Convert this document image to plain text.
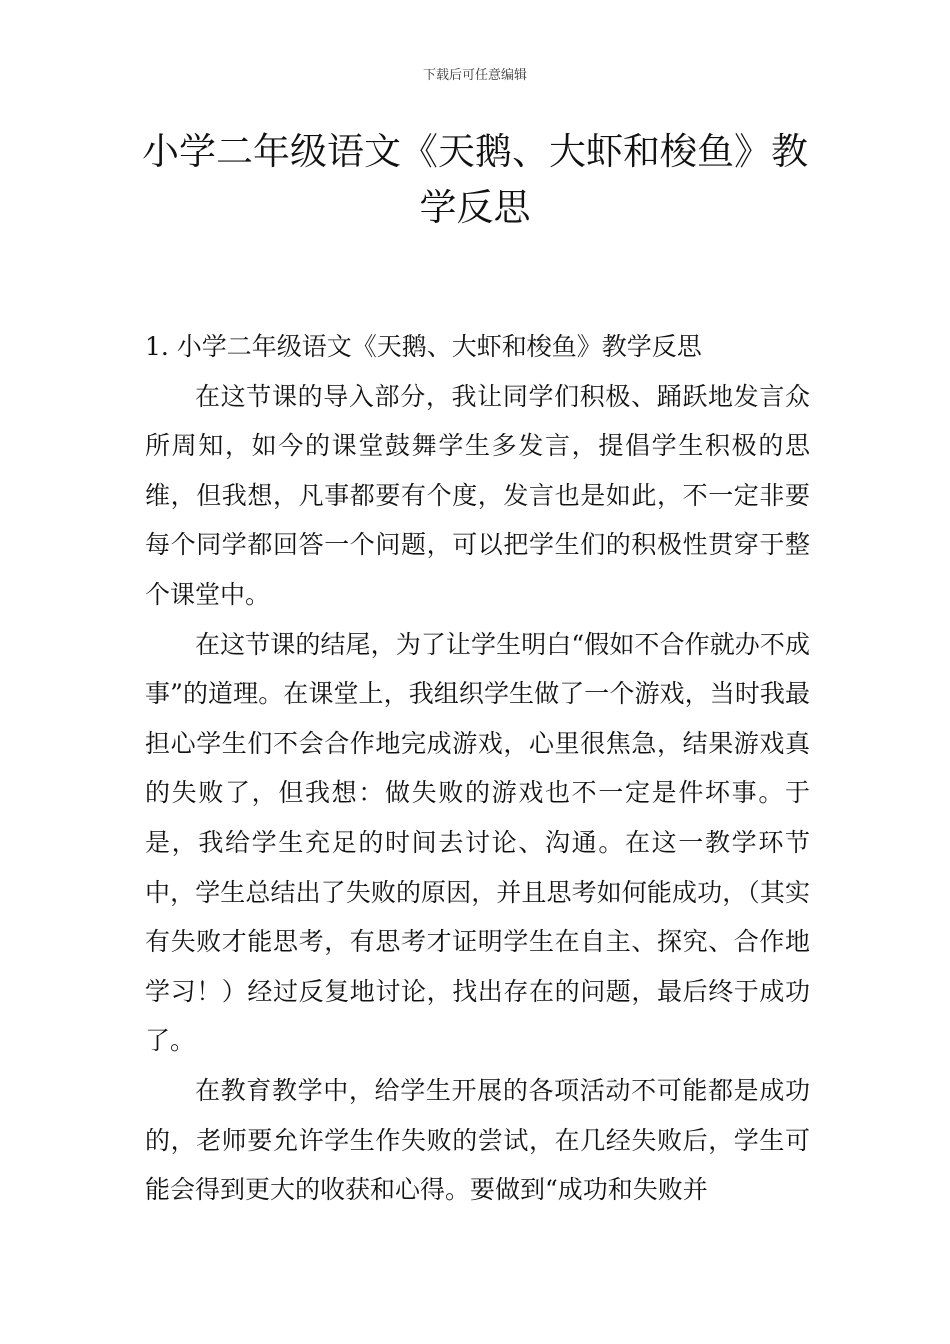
下载后可任意编辑
小学二年级语文《天鹅、大虾和梭鱼》教学反思

1. 小学二年级语文《天鹅、大虾和梭鱼》教学反思

在这节课的导入部分，我让同学们积极、踊跃地发言众所周知，如今的课堂鼓舞学生多发言，提倡学生积极的思维，但我想，凡事都要有个度，发言也是如此，不一定非要每个同学都回答一个问题，可以把学生们的积极性贯穿于整个课堂中。

在这节课的结尾，为了让学生明白“假如不合作就办不成事”的道理。在课堂上，我组织学生做了一个游戏，当时我最担心学生们不会合作地完成游戏，心里很焦急，结果游戏真的失败了，但我想：做失败的游戏也不一定是件坏事。于是，我给学生充足的时间去讨论、沟通。在这一教学环节中，学生总结出了失败的原因，并且思考如何能成功，（其实有失败才能思考，有思考才证明学生在自主、探究、合作地学习！）经过反复地讨论，找出存在的问题，最后终于成功了。

在教育教学中，给学生开展的各项活动不可能都是成功的，老师要允许学生作失败的尝试，在几经失败后，学生可能会得到更大的收获和心得。要做到“成功和失败并
